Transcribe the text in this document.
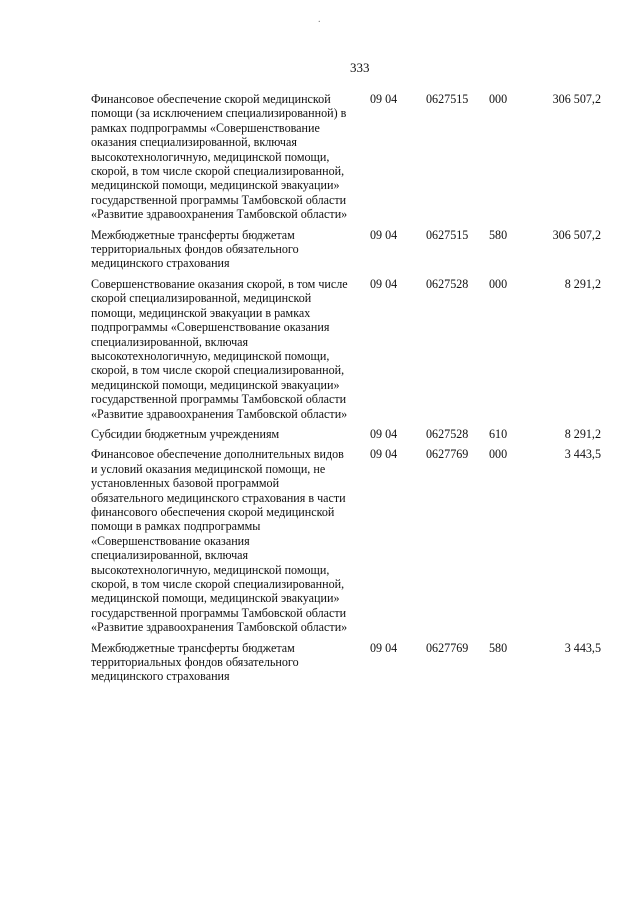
.
333
Финансовое обеспечение скорой медицинской помощи (за исключением специализированной) в рамках подпрограммы «Совершенствование оказания специализированной, включая высокотехнологичную, медицинской помощи, скорой, в том числе скорой специализированной, медицинской помощи, медицинской эвакуации» государственной программы Тамбовской области «Развитие здравоохранения Тамбовской области»	09 04	0627515	000	306 507,2
Межбюджетные трансферты бюджетам территориальных фондов обязательного медицинского страхования	09 04	0627515	580	306 507,2
Совершенствование оказания скорой, в том числе скорой специализированной, медицинской помощи, медицинской эвакуации в рамках подпрограммы «Совершенствование оказания специализированной, включая высокотехнологичную, медицинской помощи, скорой, в том числе скорой специализированной, медицинской помощи, медицинской эвакуации» государственной программы Тамбовской области «Развитие здравоохранения Тамбовской области»	09 04	0627528	000	8 291,2
Субсидии бюджетным учреждениям	09 04	0627528	610	8 291,2
Финансовое обеспечение дополнительных видов и условий оказания медицинской помощи, не установленных базовой программой обязательного медицинского страхования в части финансового обеспечения скорой медицинской помощи в рамках подпрограммы «Совершенствование оказания специализированной, включая высокотехнологичную, медицинской помощи, скорой, в том числе скорой специализированной, медицинской помощи, медицинской эвакуации» государственной программы Тамбовской области «Развитие здравоохранения Тамбовской области»	09 04	0627769	000	3 443,5
Межбюджетные трансферты бюджетам территориальных фондов обязательного медицинского страхования	09 04	0627769	580	3 443,5
